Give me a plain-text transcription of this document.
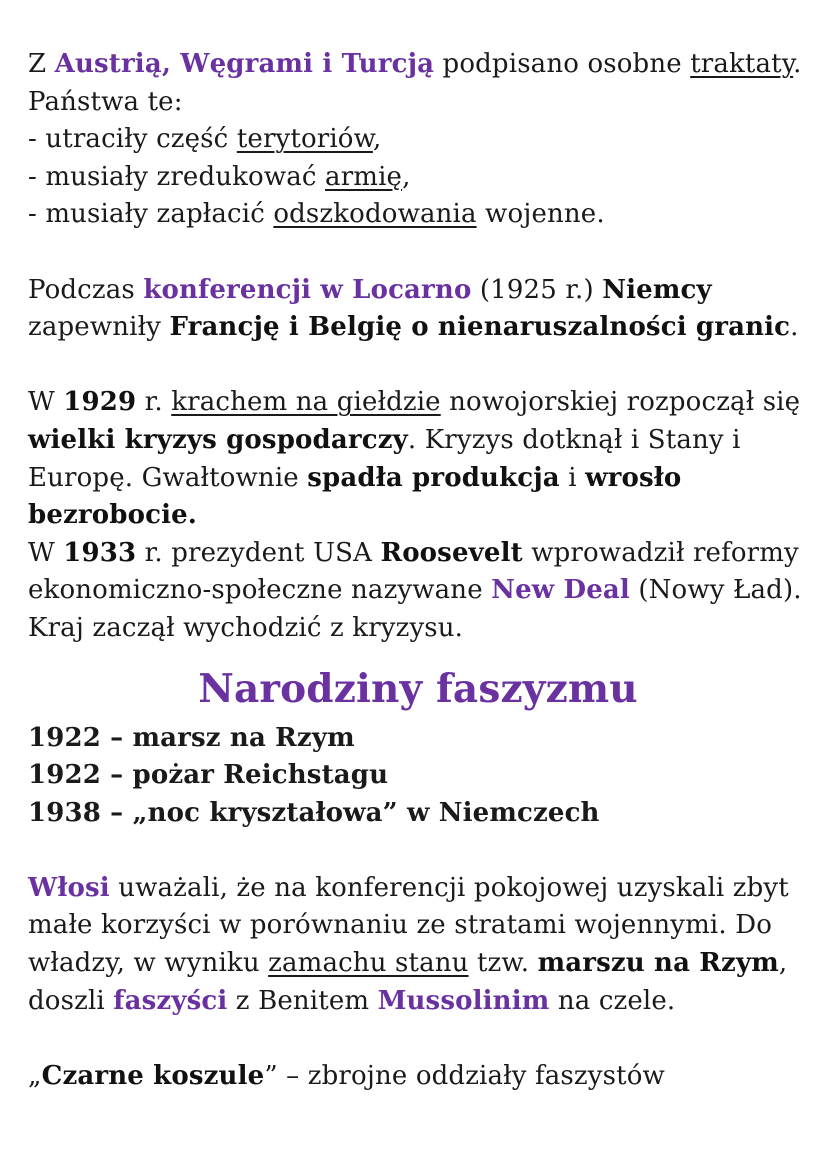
Z Austrią, Węgrami i Turcją podpisano osobne traktaty. Państwa te:
- utraciły część terytoriów,
- musiały zredukować armię,
- musiały zapłacić odszkodowania wojenne.

Podczas konferencji w Locarno (1925 r.) Niemcy
zapewniły Francję i Belgię o nienaruszalności granic.

W 1929 r. krachem na giełdzie nowojorskiej rozpoczął się wielki kryzys gospodarczy. Kryzys dotknął i Stany i Europę. Gwałtownie spadła produkcja i wrosło bezrobocie.

W 1933 r. prezydent USA Roosevelt wprowadził reformy ekonomiczno-społeczne nazywane New Deal (Nowy Ład). Kraj zaczął wychodzić z kryzysu.

Narodziny faszyzmu

1922 – marsz na Rzym

1922 – pożar Reichstagu

1938 – „noc kryształowa” w Niemczech

Włosi uważali, że na konferencji pokojowej uzyskali zbyt małe korzyści w porównaniu ze stratami wojennymi. Do władzy, w wyniku zamachu stanu tzw. marszu na Rzym, doszli faszyści z Benitem Mussolinim na czele.

„Czarne koszule” – zbrojne oddziały faszystów
